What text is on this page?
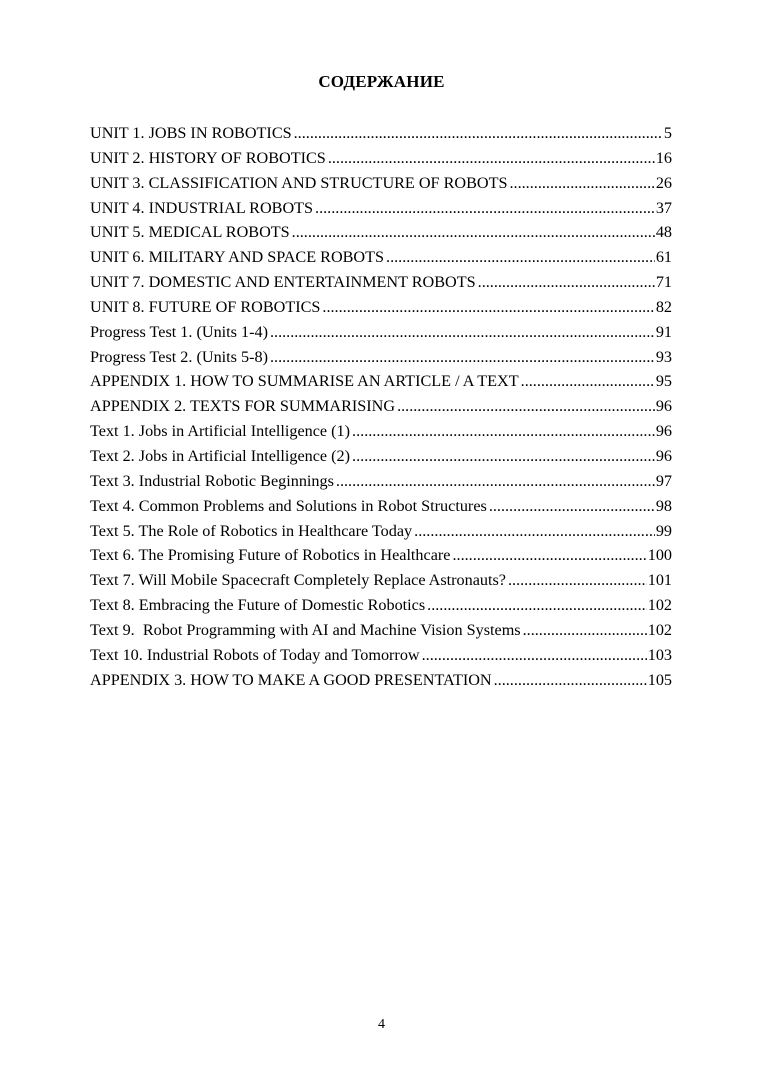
СОДЕРЖАНИЕ
UNIT 1. JOBS IN ROBOTICS .....	5
UNIT 2. HISTORY OF ROBOTICS .....	16
UNIT 3. CLASSIFICATION AND STRUCTURE OF ROBOTS .....	26
UNIT 4. INDUSTRIAL ROBOTS .....	37
UNIT 5. MEDICAL ROBOTS .....	48
UNIT 6. MILITARY AND SPACE ROBOTS .....	61
UNIT 7. DOMESTIC AND ENTERTAINMENT ROBOTS .....	71
UNIT 8. FUTURE OF ROBOTICS .....	82
Progress Test 1. (Units 1-4) .....	91
Progress Test 2. (Units 5-8) .....	93
APPENDIX 1. HOW TO SUMMARISE AN ARTICLE / A TEXT .....	95
APPENDIX 2. TEXTS FOR SUMMARISING .....	96
Text 1. Jobs in Artificial Intelligence (1) .....	96
Text 2. Jobs in Artificial Intelligence (2) .....	96
Text 3. Industrial Robotic Beginnings .....	97
Text 4. Common Problems and Solutions in Robot Structures .....	98
Text 5. The Role of Robotics in Healthcare Today .....	99
Text 6. The Promising Future of Robotics in Healthcare .....	100
Text 7. Will Mobile Spacecraft Completely Replace Astronauts? .....	101
Text 8. Embracing the Future of Domestic Robotics .....	102
Text 9.  Robot Programming with AI and Machine Vision Systems .....	102
Text 10. Industrial Robots of Today and Tomorrow .....	103
APPENDIX 3. HOW TO MAKE A GOOD PRESENTATION .....	105
4
